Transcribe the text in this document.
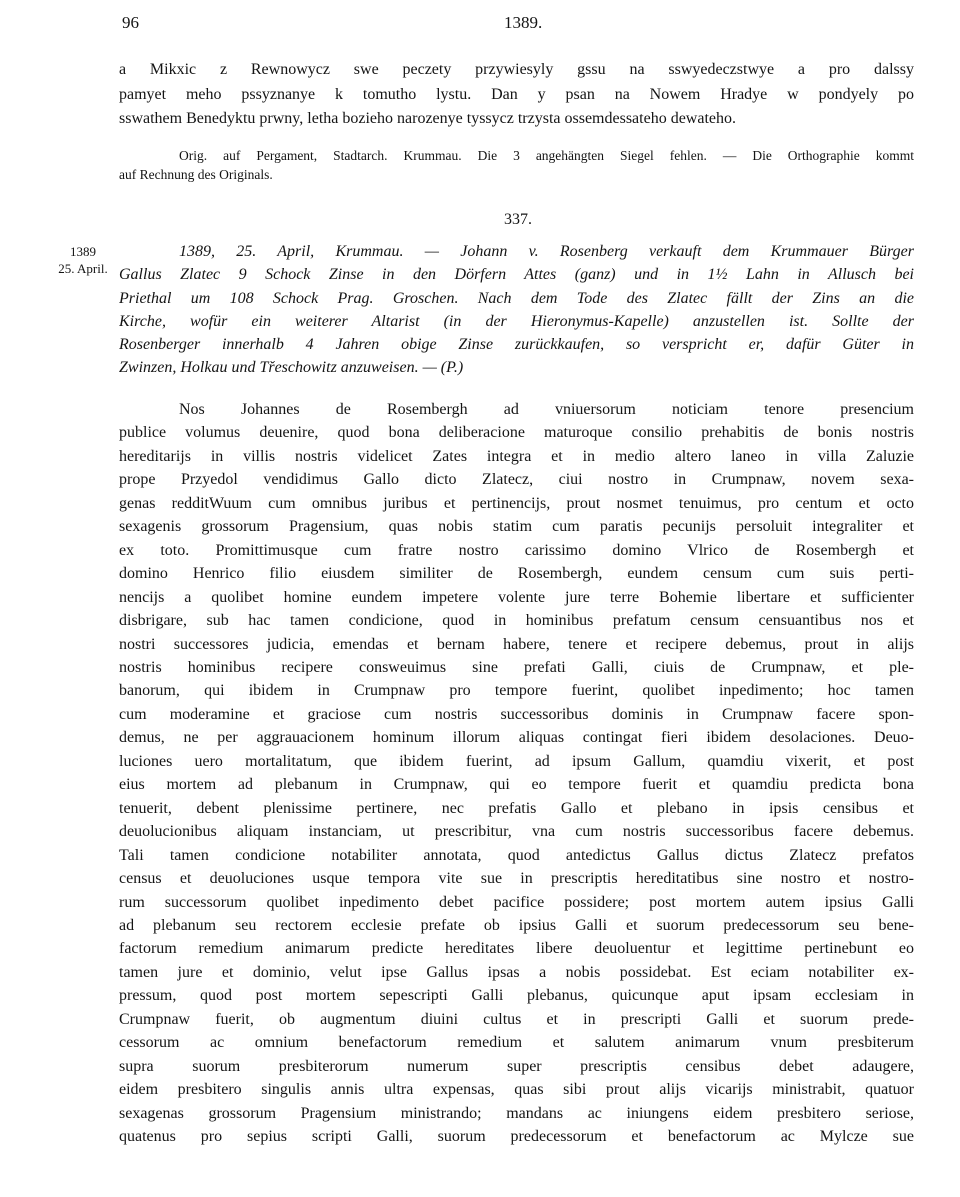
96	1389.
a Mikxic z Rewnowycz swe peczety przywiesyly gssu na sswyedeczstwye a pro dalssy
pamyet meho pssyznanye k tomutho lystu. Dan y psan na Nowem Hradye w pondyely po
sswathem Benedyktu prwny, letha bozieho narozenye tyssycz trzysta ossemdessateho dewateho.
Orig. auf Pergament, Stadtarch. Krummau. Die 3 angehängten Siegel fehlen. — Die Orthographie kommt
auf Rechnung des Originals.
337.
1389
25. April.
1389, 25. April, Krummau. — Johann v. Rosenberg verkauft dem Krummauer Bürger
Gallus Zlatec 9 Schock Zinse in den Dörfern Attes (ganz) und in 1½ Lahn in Allusch bei
Priethal um 108 Schock Prag. Groschen. Nach dem Tode des Zlatec fällt der Zins an die
Kirche, wofür ein weiterer Altarist (in der Hieronymus-Kapelle) anzustellen ist. Sollte der
Rosenberger innerhalb 4 Jahren obige Zinse zurückkaufen, so verspricht er, dafür Güter in
Zwinzen, Holkau und Třeschowitz anzuweisen. — (P.)
Nos Johannes de Rosembergh ad vniuersorum noticiam tenore presencium
publice volumus deuenire, quod bona deliberacione maturoque consilio prehabitis de bonis nostris
hereditarijs in villis nostris videlicet Zates integra et in medio altero laneo in villa Zaluzie
prope Przyedol vendidimus Gallo dicto Zlatecz, ciui nostro in Crumpnaw, novem sexa-
genas redditWuum cum omnibus juribus et pertinencijs, prout nosmet tenuimus, pro centum et octo
sexagenis grossorum Pragensium, quas nobis statim cum paratis pecunijs persoluit integraliter et
ex toto. Promittimusque cum fratre nostro carissimo domino Vlrico de Rosembergh et
domino Henrico filio eiusdem similiter de Rosembergh, eundem censum cum suis perti-
nencijs a quolibet homine eundem impetere volente jure terre Bohemie libertare et sufficienter
disbrigare, sub hac tamen condicione, quod in hominibus prefatum censum censuantibus nos et
nostri successores judicia, emendas et bernam habere, tenere et recipere debemus, prout in alijs
nostris hominibus recipere consweuimus sine prefati Galli, ciuis de Crumpnaw, et ple-
banorum, qui ibidem in Crumpnaw pro tempore fuerint, quolibet inpedimento; hoc tamen
cum moderamine et graciose cum nostris successoribus dominis in Crumpnaw facere spon-
demus, ne per aggrauacionem hominum illorum aliquas contingat fieri ibidem desolaciones. Deuo-
luciones uero mortalitatum, que ibidem fuerint, ad ipsum Gallum, quamdiu vixerit, et post
eius mortem ad plebanum in Crumpnaw, qui eo tempore fuerit et quamdiu predicta bona
tenuerit, debent plenissime pertinere, nec prefatis Gallo et plebano in ipsis censibus et
deuolucionibus aliquam instanciam, ut prescribitur, vna cum nostris successoribus facere debemus.
Tali tamen condicione notabiliter annotata, quod antedictus Gallus dictus Zlatecz prefatos
census et deuoluciones usque tempora vite sue in prescriptis hereditatibus sine nostro et nostro-
rum successorum quolibet inpedimento debet pacifice possidere; post mortem autem ipsius Galli
ad plebanum seu rectorem ecclesie prefate ob ipsius Galli et suorum predecessorum seu bene-
factorum remedium animarum predicte hereditates libere deuoluentur et legittime pertinebunt eo
tamen jure et dominio, velut ipse Gallus ipsas a nobis possidebat. Est eciam notabiliter ex-
pressum, quod post mortem sepescripti Galli plebanus, quicunque aput ipsam ecclesiam in
Crumpnaw fuerit, ob augmentum diuini cultus et in prescripti Galli et suorum prede-
cessorum ac omnium benefactorum remedium et salutem animarum vnum presbiterum
supra suorum presbiterorum numerum super prescriptis censibus debet adaugere,
eidem presbitero singulis annis ultra expensas, quas sibi prout alijs vicarijs ministrabit, quatuor
sexagenas grossorum Pragensium ministrando; mandans ac iniungens eidem presbitero seriose,
quatenus pro sepius scripti Galli, suorum predecessorum et benefactorum ac Mylcze sue
